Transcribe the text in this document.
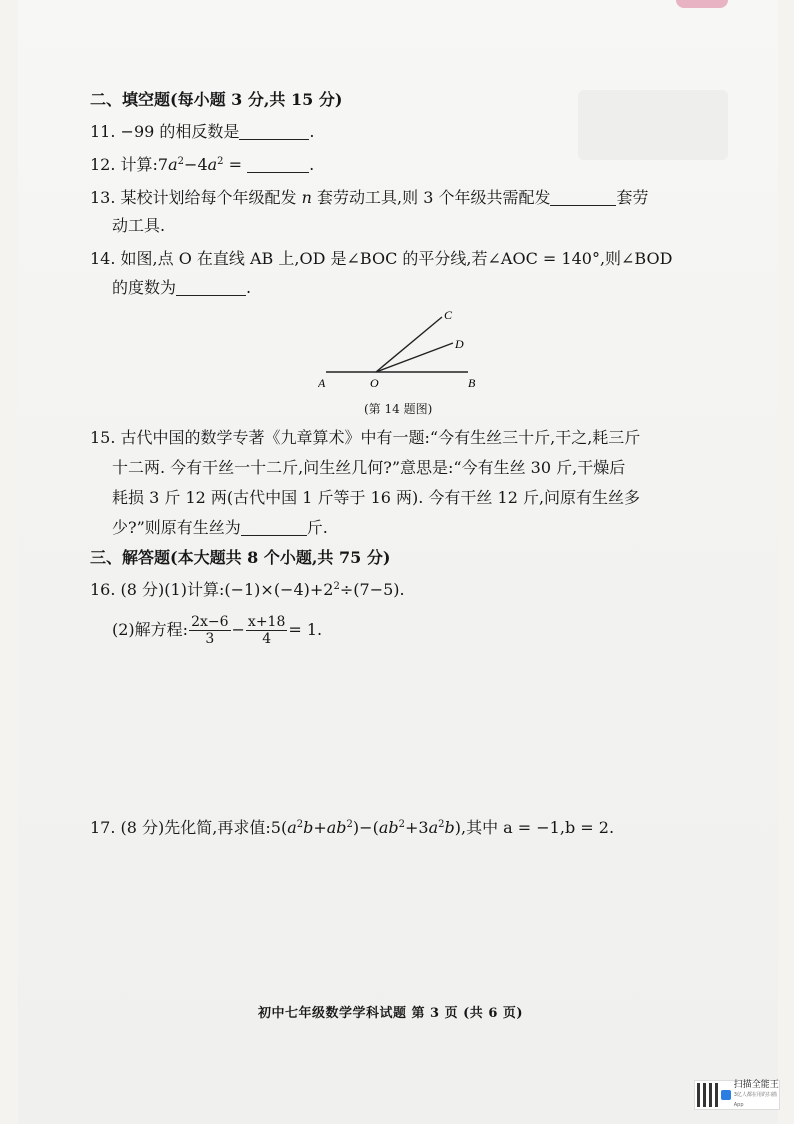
二、填空题(每小题 3 分,共 15 分)
11. −99 的相反数是	.
12. 计算$:7a^2-4a^2$ =	.
13. 某校计划给每个年级配发 n 套劳动工具,则 3 个年级共需配发	套劳
动工具.
14. 如图,点 O 在直线 AB 上,OD 是∠BOC 的平分线,若∠AOC = 140°,则∠BOD
的度数为	.
A	O	B
C
D
(第 14 题图)
15. 古代中国的数学专著《九章算术》中有一题:“今有生丝三十斤,干之,耗三斤
十二两. 今有干丝一十二斤,问生丝几何?”意思是:“今有生丝 30 斤,干燥后
耗损 3 斤 12 两(古代中国 1 斤等于 16 两). 今有干丝 12 斤,问原有生丝多
少?”则原有生丝为	斤.
三、解答题(本大题共 8 个小题,共 75 分)
16. (8 分)(1)计算$:(-1)\times(-4)+2^2\div(7-5)$.
(2)解方程: $\frac{2x-6}{3} - \frac{x+18}{4} = 1$.
17. (8 分)先化简,再求值$:5(a^2b+ab^2)-(ab^2+3a^2b)$,其中 a = −1,b = 2.
初中七年级数学学科试题 第 3 页 (共 6 页)
扫描全能王
3亿人都在用的扫描App
